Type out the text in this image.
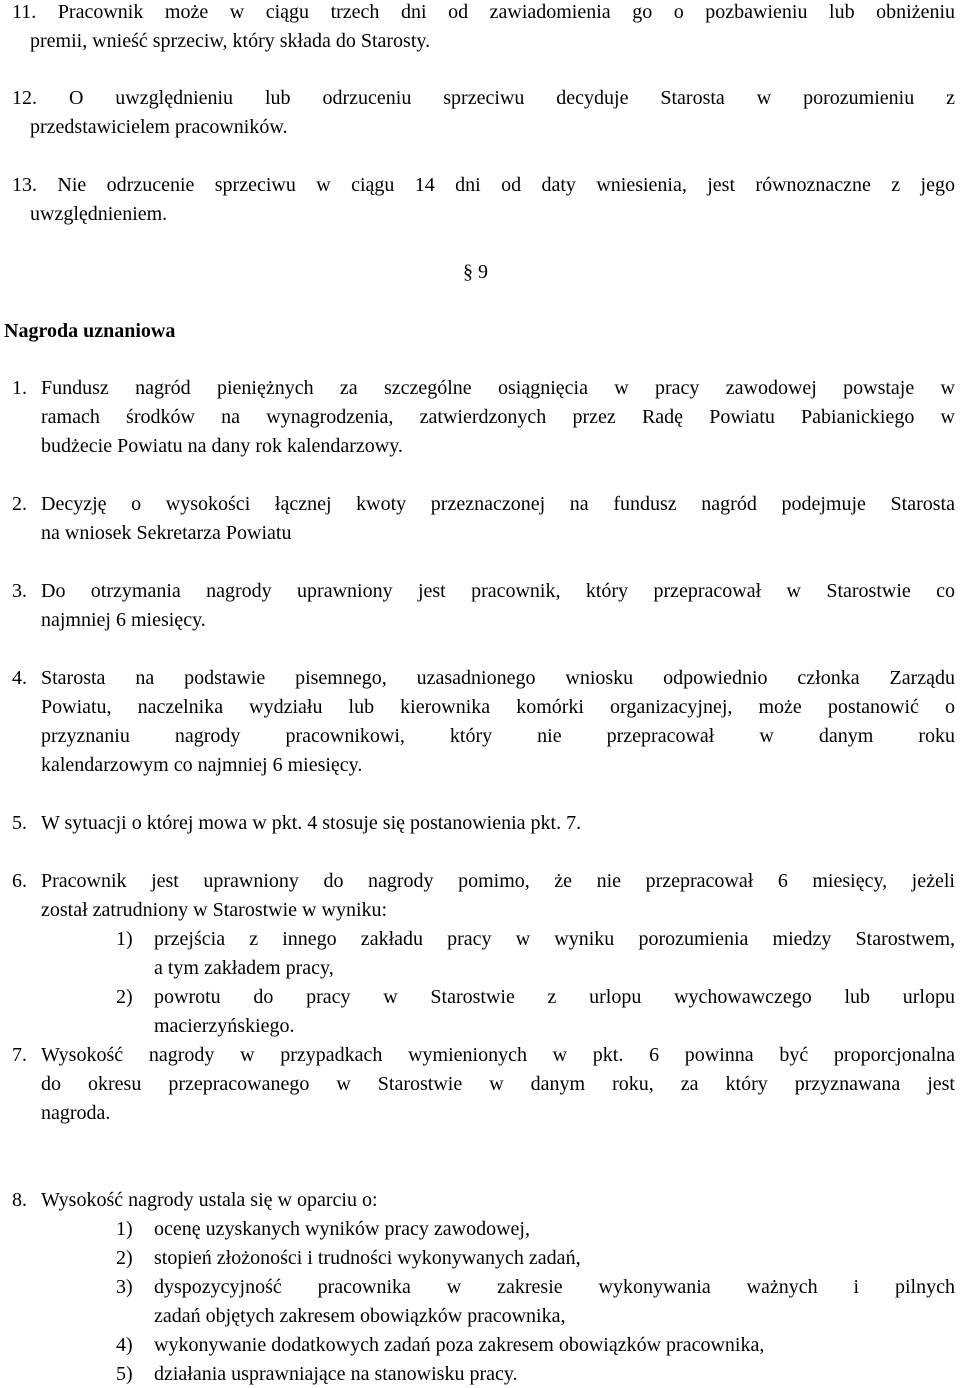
11. Pracownik może w ciągu trzech dni od zawiadomienia go o pozbawieniu lub obniżeniu
premii, wnieść sprzeciw, który składa do Starosty.
12. O uwzględnieniu lub odrzuceniu sprzeciwu decyduje Starosta w porozumieniu z
przedstawicielem pracowników.
13. Nie odrzucenie sprzeciwu w ciągu 14 dni od daty wniesienia, jest równoznaczne z jego
uwzględnieniem.
§ 9
Nagroda uznaniowa
1. Fundusz nagród pieniężnych za szczególne osiągnięcia w pracy zawodowej powstaje w
ramach środków na wynagrodzenia, zatwierdzonych przez Radę Powiatu Pabianickiego w
budżecie Powiatu na dany rok kalendarzowy.
2. Decyzję o wysokości łącznej kwoty przeznaczonej na fundusz nagród podejmuje Starosta
na wniosek Sekretarza Powiatu
3. Do otrzymania nagrody uprawniony jest pracownik, który przepracował w Starostwie co
najmniej 6 miesięcy.
4. Starosta na podstawie pisemnego, uzasadnionego wniosku odpowiednio członka Zarządu
Powiatu, naczelnika wydziału lub kierownika komórki organizacyjnej, może postanowić o
przyznaniu nagrody pracownikowi, który nie przepracował w danym roku
kalendarzowym co najmniej 6 miesięcy.
5. W sytuacji o której mowa w pkt. 4 stosuje się postanowienia pkt. 7.
6. Pracownik jest uprawniony do nagrody pomimo, że nie przepracował 6 miesięcy, jeżeli
został zatrudniony w Starostwie w wyniku:
1) przejścia z innego zakładu pracy w wyniku porozumienia miedzy Starostwem,
a tym zakładem pracy,
2) powrotu do pracy w Starostwie z urlopu wychowawczego lub urlopu
macierzyńskiego.
7. Wysokość nagrody w przypadkach wymienionych w pkt. 6 powinna być proporcjonalna
do okresu przepracowanego w Starostwie w danym roku, za który przyznawana jest
nagroda.
8. Wysokość nagrody ustala się w oparciu o:
1) ocenę uzyskanych wyników pracy zawodowej,
2) stopień złożoności i trudności wykonywanych zadań,
3) dyspozycyjność pracownika w zakresie wykonywania ważnych i pilnych
zadań objętych zakresem obowiązków pracownika,
4) wykonywanie dodatkowych zadań poza zakresem obowiązków pracownika,
5) działania usprawniające na stanowisku pracy.
